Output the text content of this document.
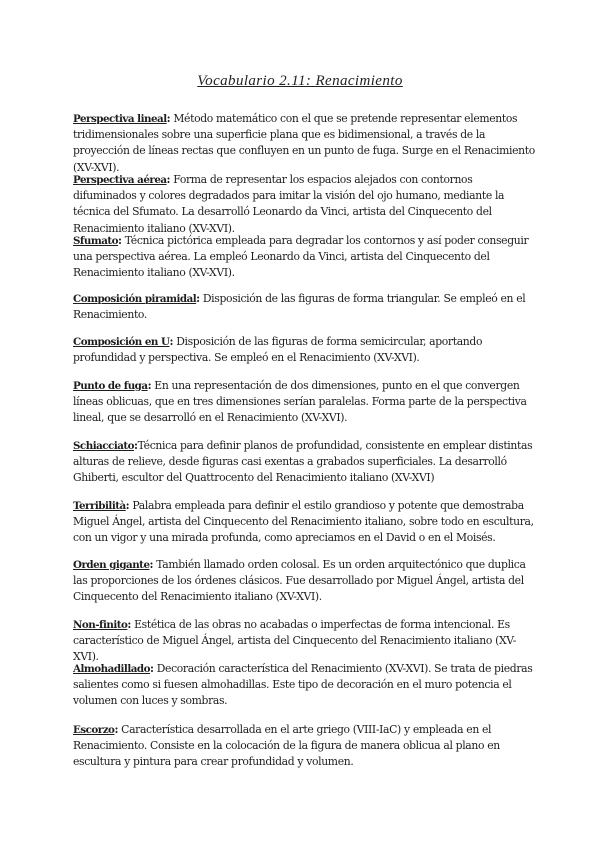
Vocabulario 2.11: Renacimiento
Perspectiva lineal: Método matemático con el que se pretende representar elementos tridimensionales sobre una superficie plana que es bidimensional, a través de la proyección de líneas rectas que confluyen en un punto de fuga. Surge en el Renacimiento (XV-XVI).
Perspectiva aérea: Forma de representar los espacios alejados con contornos difuminados y colores degradados para imitar la visión del ojo humano, mediante la técnica del Sfumato. La desarrolló Leonardo da Vinci, artista del Cinquecento del Renacimiento italiano (XV-XVI).
Sfumato: Técnica pictórica empleada para degradar los contornos y así poder conseguir una perspectiva aérea. La empleó Leonardo da Vinci, artista del Cinquecento del Renacimiento italiano (XV-XVI).
Composición piramidal: Disposición de las figuras de forma triangular. Se empleó en el Renacimiento.
Composición en U: Disposición de las figuras de forma semicircular, aportando profundidad y perspectiva. Se empleó en el Renacimiento (XV-XVI).
Punto de fuga: En una representación de dos dimensiones, punto en el que convergen líneas oblicuas, que en tres dimensiones serían paralelas. Forma parte de la perspectiva lineal, que se desarrolló en el Renacimiento (XV-XVI).
Schiacciato:Técnica para definir planos de profundidad, consistente en emplear distintas alturas de relieve, desde figuras casi exentas a grabados superficiales. La desarrolló Ghiberti, escultor del Quattrocento del Renacimiento italiano (XV-XVI)
Terribilità: Palabra empleada para definir el estilo grandioso y potente que demostraba Miguel Ángel, artista del Cinquecento del Renacimiento italiano, sobre todo en escultura, con un vigor y una mirada profunda, como apreciamos en el David o en el Moisés.
Orden gigante: También llamado orden colosal. Es un orden arquitectónico que duplica las proporciones de los órdenes clásicos. Fue desarrollado por Miguel Ángel, artista del Cinquecento del Renacimiento italiano (XV-XVI).
Non-finito: Estética de las obras no acabadas o imperfectas de forma intencional. Es característico de Miguel Ángel, artista del Cinquecento del Renacimiento italiano (XV-XVI).
Almohadillado: Decoración característica del Renacimiento (XV-XVI). Se trata de piedras salientes como si fuesen almohadillas. Este tipo de decoración en el muro potencia el volumen con luces y sombras.
Escorzo: Característica desarrollada en el arte griego (VIII-IaC) y empleada en el Renacimiento. Consiste en la colocación de la figura de manera oblicua al plano en escultura y pintura para crear profundidad y volumen.
